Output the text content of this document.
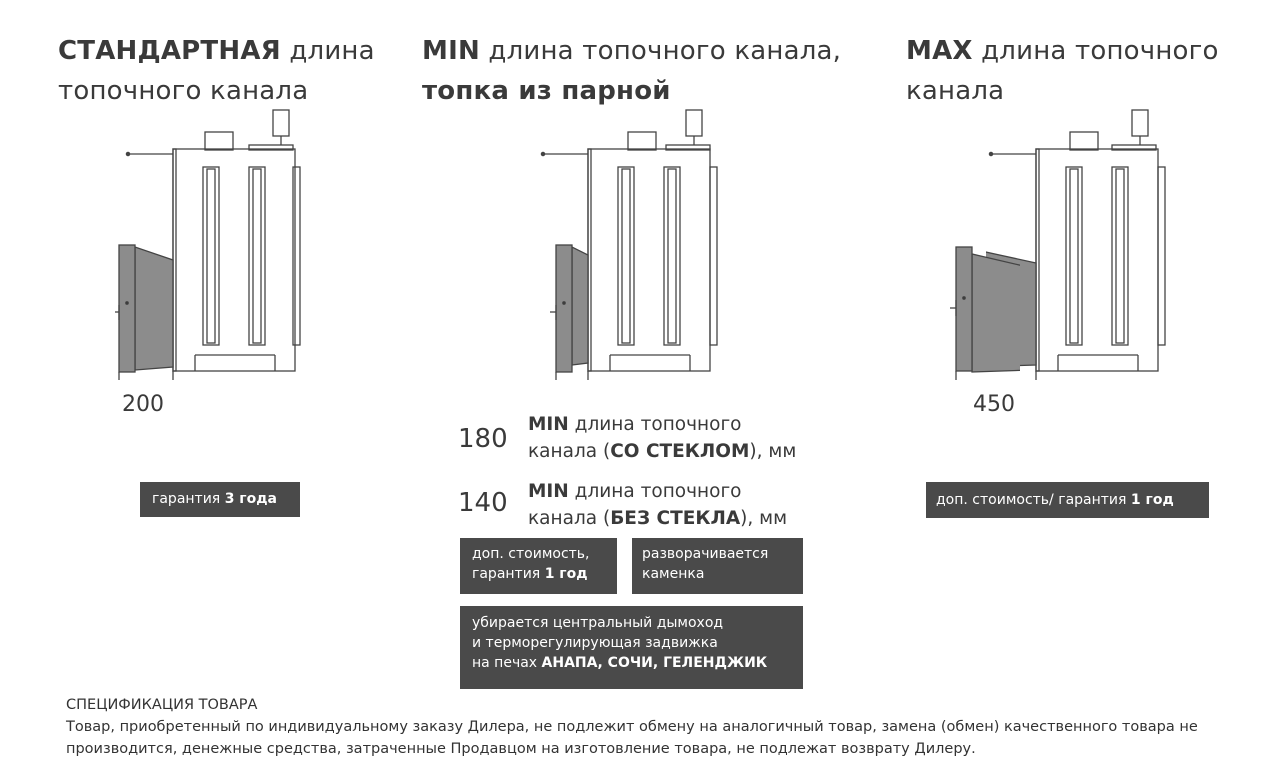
СТАНДАРТНАЯ длина
топочного канала
MIN длина топочного канала,
топка из парной
MAX длина топочного
канала
200	450
180 MIN длина топочного
канала (СО СТЕКЛОМ), мм
140 MIN длина топочного
канала (БЕЗ СТЕКЛА), мм
гарантия 3 года	доп. стоимость/ гарантия 1 год
доп. стоимость,
гарантия 1 год
разворачивается
каменка
убирается центральный дымоход
и терморегулирующая задвижка
на печах АНАПА, СОЧИ, ГЕЛЕНДЖИК
СПЕЦИФИКАЦИЯ ТОВАРА
Товар, приобретенный по индивидуальному заказу Дилера, не подлежит обмену на аналогичный товар, замена (обмен) качественного товара не производится, денежные средства, затраченные Продавцом на изготовление товара, не подлежат возврату Дилеру.
